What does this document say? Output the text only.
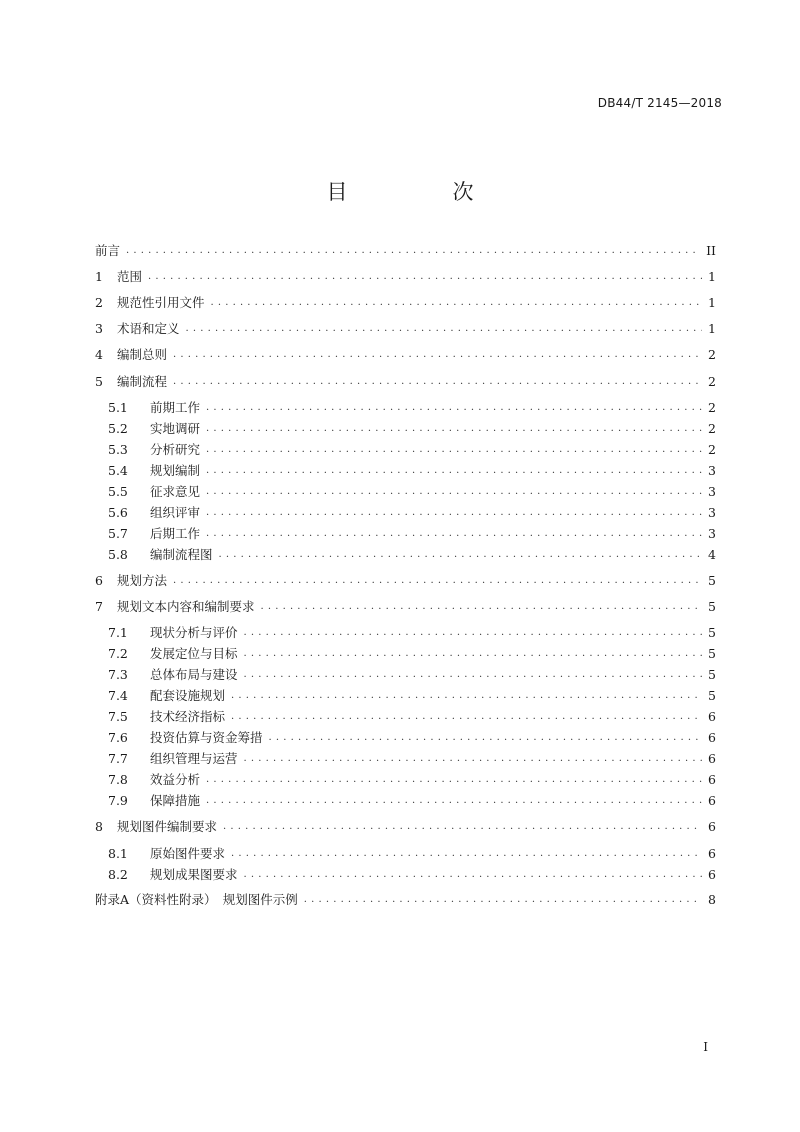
DB44/T 2145—2018
目　次
前言 . . .	II
1	范围 . . .	1
2	规范性引用文件 . . .	1
3	术语和定义 . . .	1
4	编制总则 . . .	2
5	编制流程 . . .	2
5.1	前期工作 . . .	2
5.2	实地调研 . . .	2
5.3	分析研究 . . .	2
5.4	规划编制 . . .	3
5.5	征求意见 . . .	3
5.6	组织评审 . . .	3
5.7	后期工作 . . .	3
5.8	编制流程图 . . .	4
6	规划方法 . . .	5
7	规划文本内容和编制要求 . . .	5
7.1	现状分析与评价 . . .	5
7.2	发展定位与目标 . . .	5
7.3	总体布局与建设 . . .	5
7.4	配套设施规划 . . .	5
7.5	技术经济指标 . . .	6
7.6	投资估算与资金筹措 . . .	6
7.7	组织管理与运营 . . .	6
7.8	效益分析 . . .	6
7.9	保障措施 . . .	6
8	规划图件编制要求 . . .	6
8.1	原始图件要求 . . .	6
8.2	规划成果图要求 . . .	6
附录A（资料性附录）　规划图件示例 . . .	8
I
